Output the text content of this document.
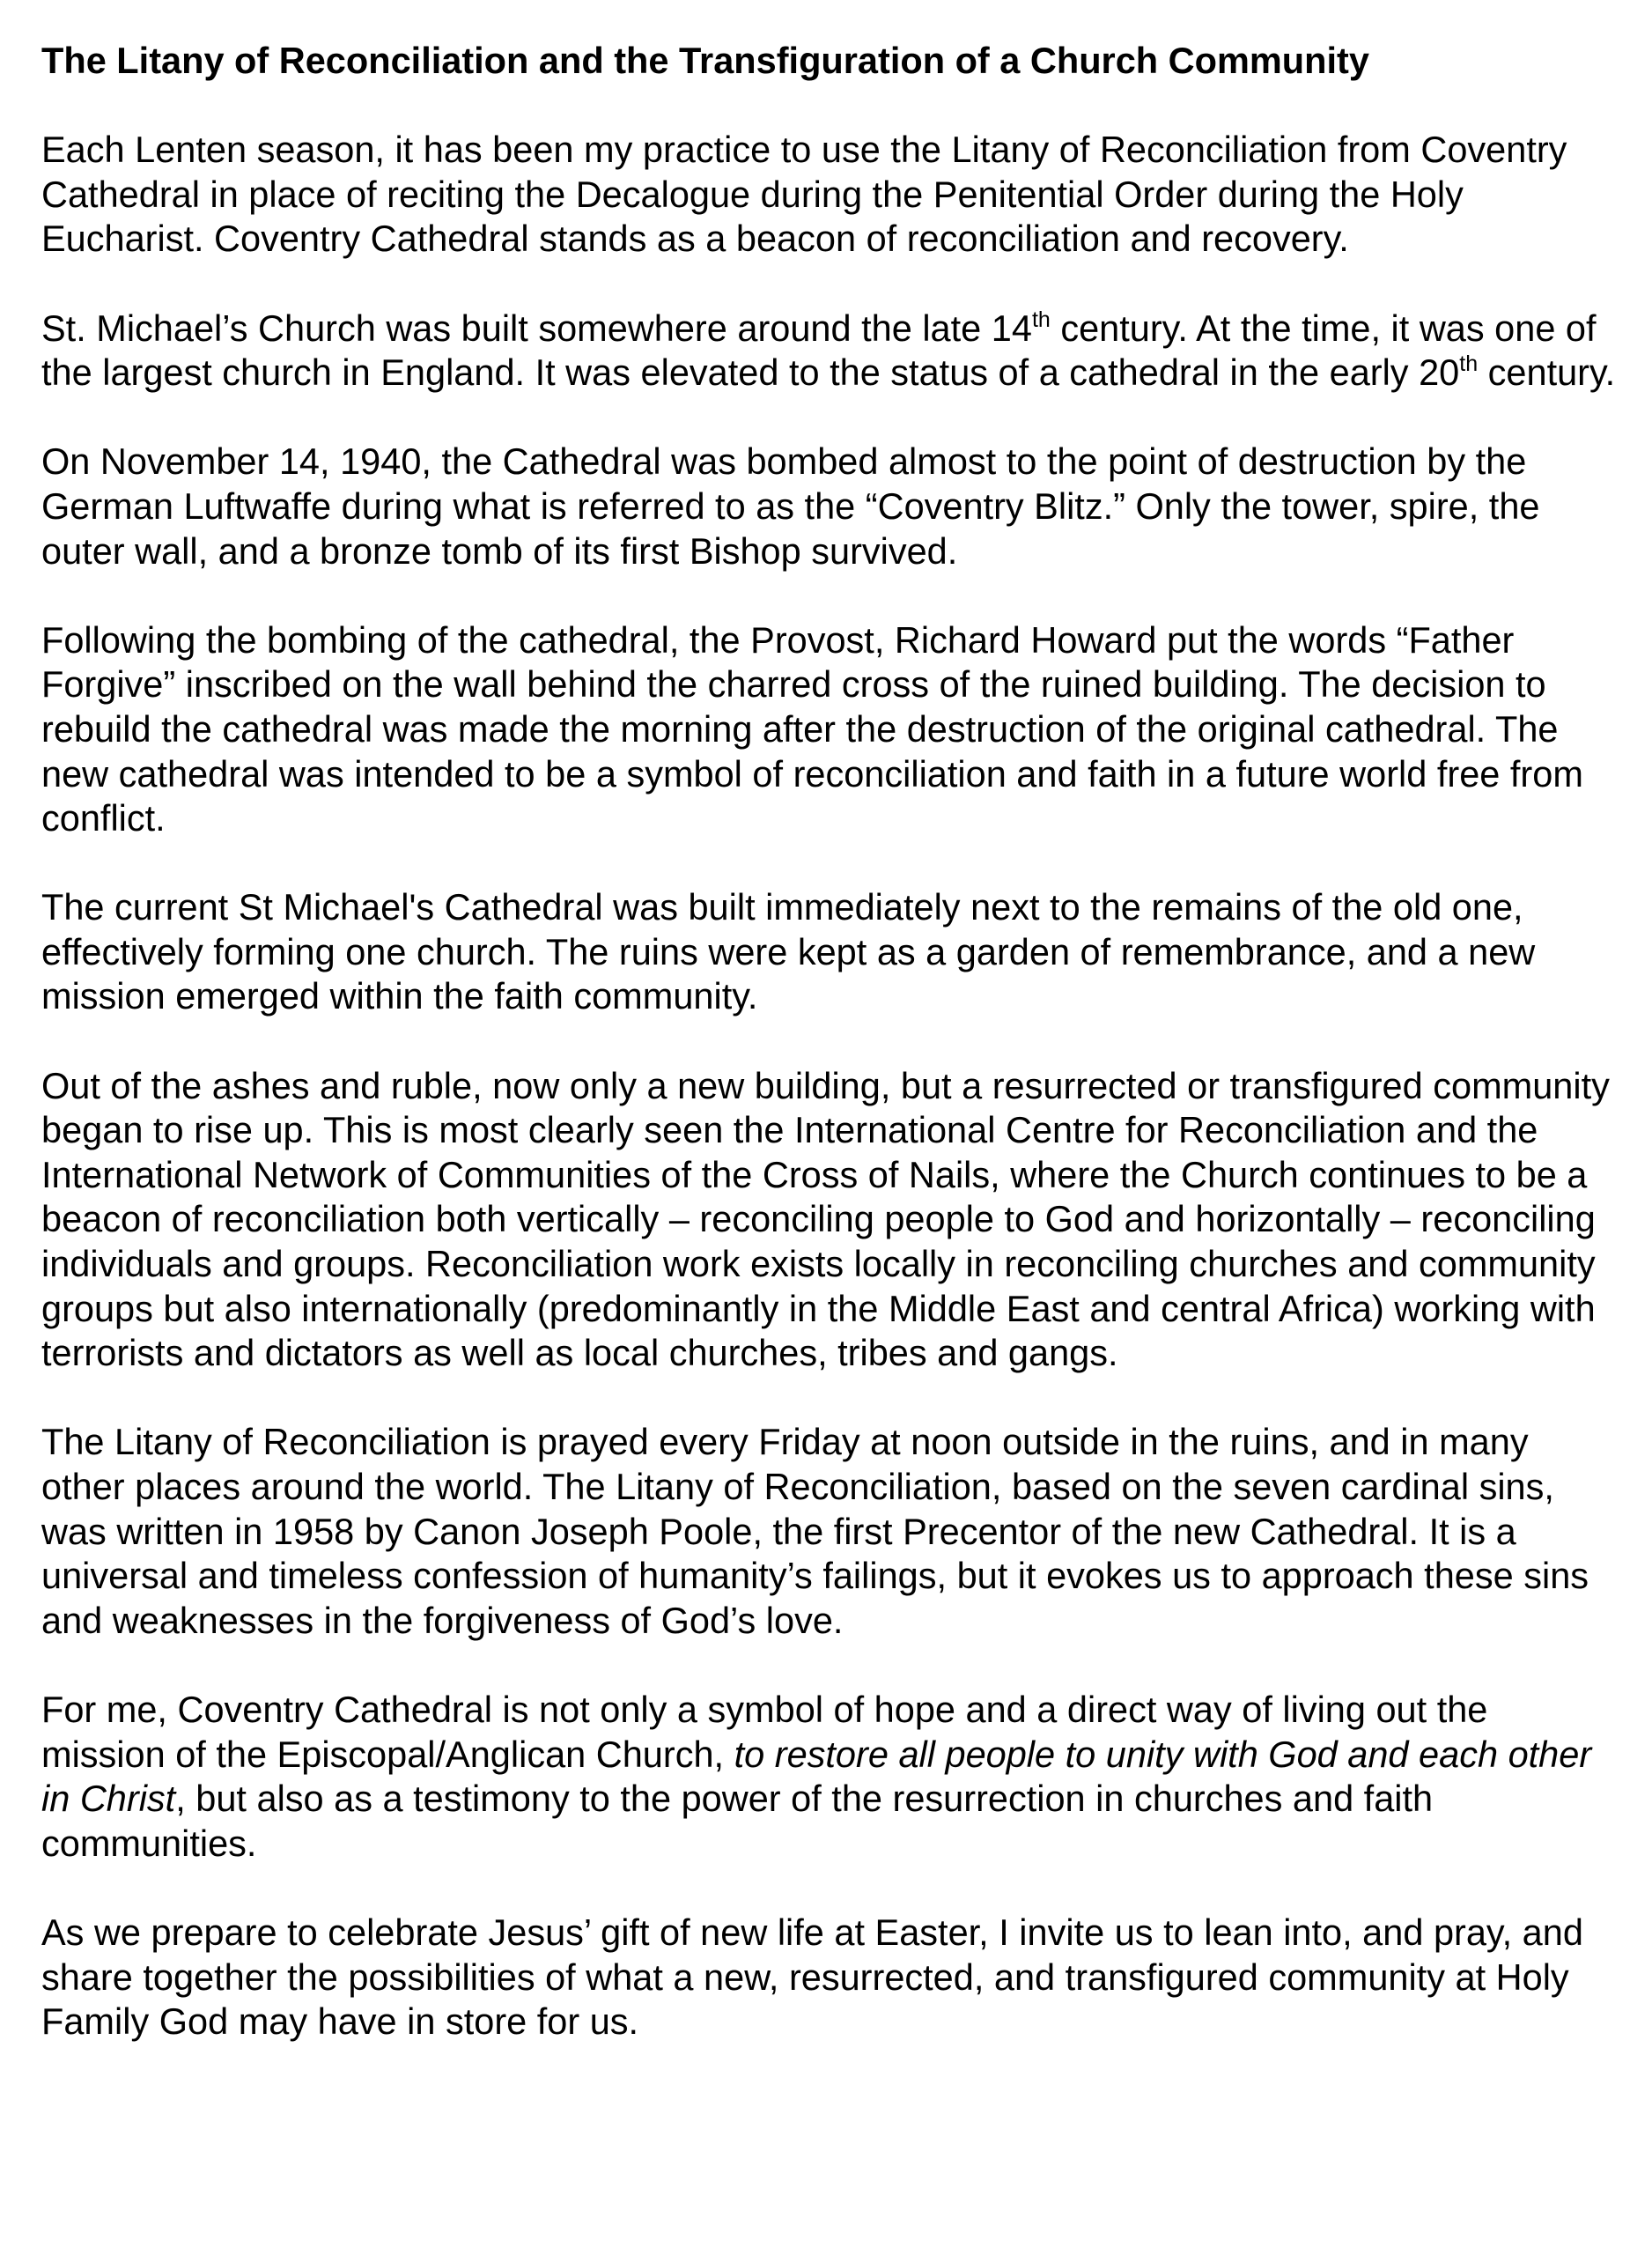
The Litany of Reconciliation and the Transfiguration of a Church Community

Each Lenten season, it has been my practice to use the Litany of Reconciliation from Coventry Cathedral in place of reciting the Decalogue during the Penitential Order during the Holy Eucharist. Coventry Cathedral stands as a beacon of reconciliation and recovery.

St. Michael’s Church was built somewhere around the late 14th century. At the time, it was one of the largest church in England. It was elevated to the status of a cathedral in the early 20th century.

On November 14, 1940, the Cathedral was bombed almost to the point of destruction by the German Luftwaffe during what is referred to as the “Coventry Blitz.” Only the tower, spire, the outer wall, and a bronze tomb of its first Bishop survived.

Following the bombing of the cathedral, the Provost, Richard Howard put the words “Father Forgive” inscribed on the wall behind the charred cross of the ruined building. The decision to rebuild the cathedral was made the morning after the destruction of the original cathedral. The new cathedral was intended to be a symbol of reconciliation and faith in a future world free from conflict.

The current St Michael's Cathedral was built immediately next to the remains of the old one, effectively forming one church. The ruins were kept as a garden of remembrance, and a new mission emerged within the faith community.

Out of the ashes and ruble, now only a new building, but a resurrected or transfigured community began to rise up. This is most clearly seen the International Centre for Reconciliation and the International Network of Communities of the Cross of Nails, where the Church continues to be a beacon of reconciliation both vertically – reconciling people to God and horizontally – reconciling individuals and groups. Reconciliation work exists locally in reconciling churches and community groups but also internationally (predominantly in the Middle East and central Africa) working with terrorists and dictators as well as local churches, tribes and gangs.

The Litany of Reconciliation is prayed every Friday at noon outside in the ruins, and in many other places around the world. The Litany of Reconciliation, based on the seven cardinal sins, was written in 1958 by Canon Joseph Poole, the first Precentor of the new Cathedral. It is a universal and timeless confession of humanity’s failings, but it evokes us to approach these sins and weaknesses in the forgiveness of God’s love.

For me, Coventry Cathedral is not only a symbol of hope and a direct way of living out the mission of the Episcopal/Anglican Church, to restore all people to unity with God and each other in Christ, but also as a testimony to the power of the resurrection in churches and faith communities.

As we prepare to celebrate Jesus’ gift of new life at Easter, I invite us to lean into, and pray, and share together the possibilities of what a new, resurrected, and transfigured community at Holy Family God may have in store for us.
